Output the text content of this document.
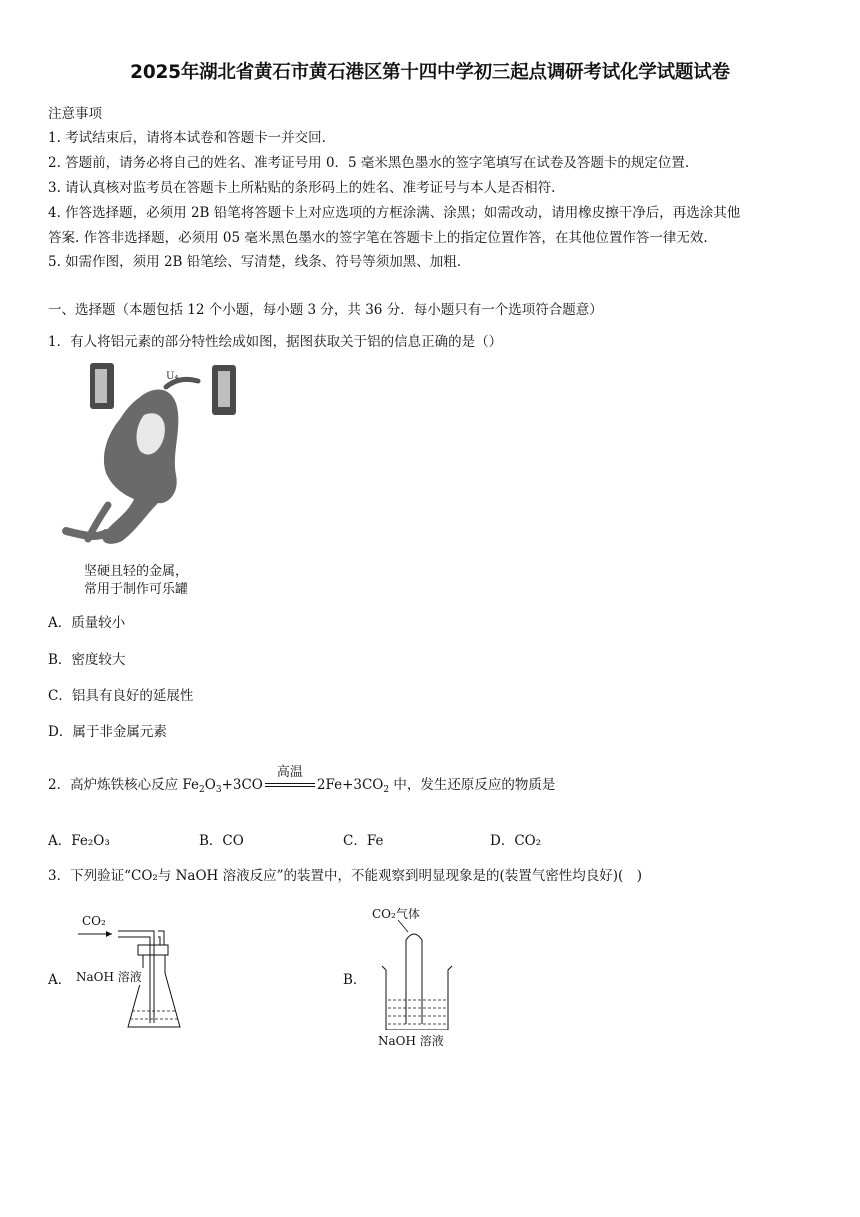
2025年湖北省黄石市黄石港区第十四中学初三起点调研考试化学试题试卷
注意事项
1. 考试结束后，请将本试卷和答题卡一并交回.
2. 答题前，请务必将自己的姓名、准考证号用 0．5 毫米黑色墨水的签字笔填写在试卷及答题卡的规定位置.
3. 请认真核对监考员在答题卡上所粘贴的条形码上的姓名、准考证号与本人是否相符.
4. 作答选择题，必须用 2B 铅笔将答题卡上对应选项的方框涂满、涂黑；如需改动，请用橡皮擦干净后，再选涂其他
答案. 作答非选择题，必须用 05 毫米黑色墨水的签字笔在答题卡上的指定位置作答，在其他位置作答一律无效.
5. 如需作图，须用 2B 铅笔绘、写清楚，线条、符号等须加黑、加粗.
一、选择题（本题包括 12 个小题，每小题 3 分，共 36 分．每小题只有一个选项符合题意）
1．有人将铝元素的部分特性绘成如图，据图获取关于铝的信息正确的是（）
U₄
坚硬且轻的金属，
常用于制作可乐罐
A．质量较小
B．密度较大
C．铝具有良好的延展性
D．属于非金属元素
2．高炉炼铁核心反应 $Fe_2O_3+3CO$
高温
$2Fe+3CO_2$ 中，发生还原反应的物质是
A．Fe₂O₃	B．CO	C．Fe	D．CO₂
3．下列验证“CO₂与 NaOH 溶液反应”的装置中，不能观察到明显现象是的(装置气密性均良好)(　)
A．
CO₂
NaOH 溶液	B．
CO₂气体
NaOH 溶液
